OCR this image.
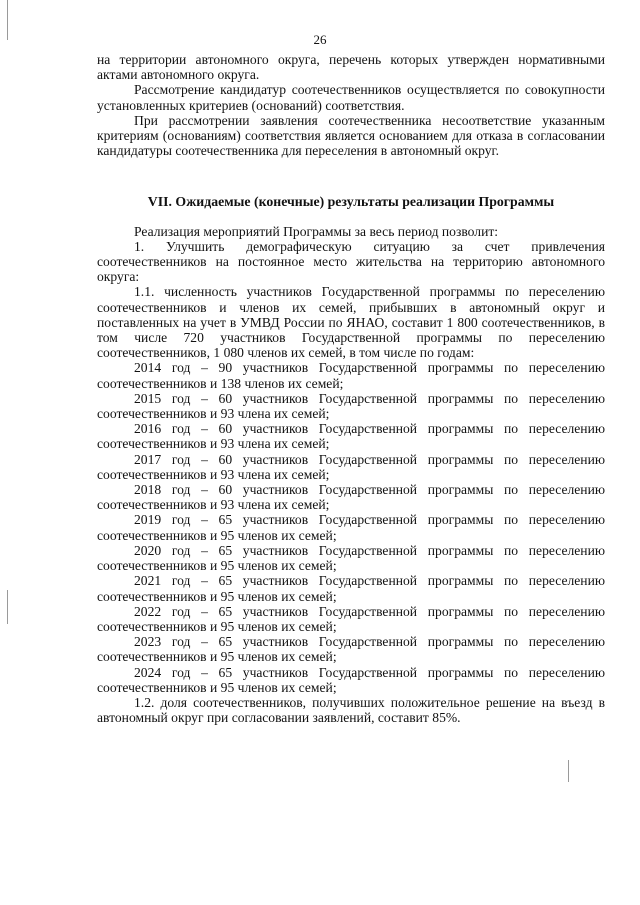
26

на территории автономного округа, перечень которых утвержден нормативными актами автономного округа.

Рассмотрение кандидатур соотечественников осуществляется по совокупности установленных критериев (оснований) соответствия.

При рассмотрении заявления соотечественника несоответствие указанным критериям (основаниям) соответствия является основанием для отказа в согласовании кандидатуры соотечественника для переселения в автономный округ.

VII. Ожидаемые (конечные) результаты реализации Программы

Реализация мероприятий Программы за весь период позволит:

1. Улучшить демографическую ситуацию за счет привлечения соотечественников на постоянное место жительства на территорию автономного округа:

1.1. численность участников Государственной программы по переселению соотечественников и членов их семей, прибывших в автономный округ и поставленных на учет в УМВД России по ЯНАО, составит 1 800 соотечественников, в том числе 720 участников Государственной программы по переселению соотечественников, 1 080 членов их семей, в том числе по годам:

2014 год – 90 участников Государственной программы по переселению соотечественников и 138 членов их семей;

2015 год – 60 участников Государственной программы по переселению соотечественников и 93 члена их семей;

2016 год – 60 участников Государственной программы по переселению соотечественников и 93 члена их семей;

2017 год – 60 участников Государственной программы по переселению соотечественников и 93 члена их семей;

2018 год – 60 участников Государственной программы по переселению соотечественников и 93 члена их семей;

2019 год – 65 участников Государственной программы по переселению соотечественников и 95 членов их семей;

2020 год – 65 участников Государственной программы по переселению соотечественников и 95 членов их семей;

2021 год – 65 участников Государственной программы по переселению соотечественников и 95 членов их семей;

2022 год – 65 участников Государственной программы по переселению соотечественников и 95 членов их семей;

2023 год – 65 участников Государственной программы по переселению соотечественников и 95 членов их семей;

2024 год – 65 участников Государственной программы по переселению соотечественников и 95 членов их семей;

1.2. доля соотечественников, получивших положительное решение на въезд в автономный округ при согласовании заявлений, составит 85%.
